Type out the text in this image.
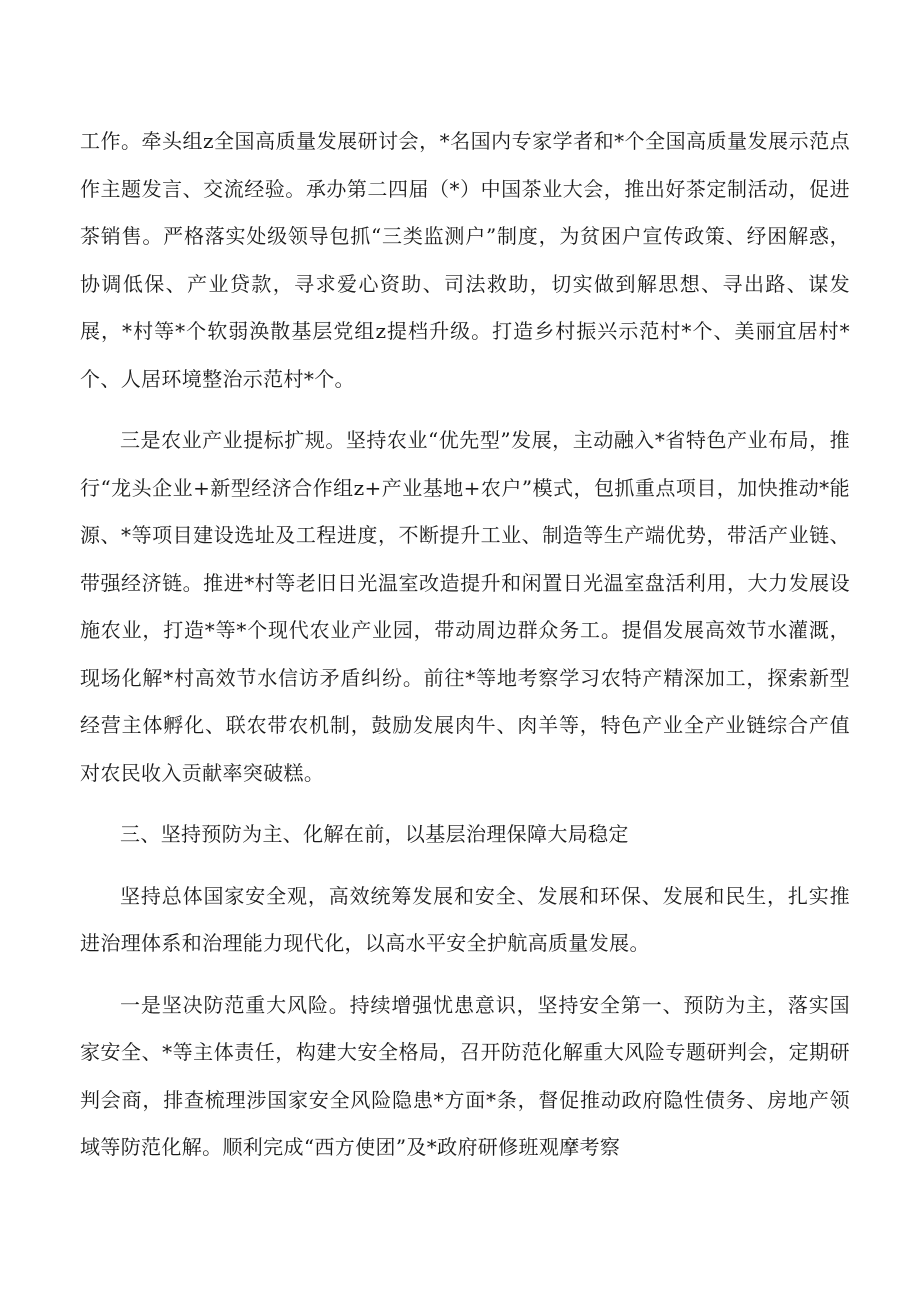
工作。牵头组z全国高质量发展研讨会，*名国内专家学者和*个全国高质量发展示范点作主题发言、交流经验。承办第二四届（*）中国茶业大会，推出好茶定制活动，促进茶销售。严格落实处级领导包抓“三类监测户”制度，为贫困户宣传政策、纾困解惑，协调低保、产业贷款，寻求爱心资助、司法救助，切实做到解思想、寻出路、谋发展，*村等*个软弱涣散基层党组z提档升级。打造乡村振兴示范村*个、美丽宜居村*个、人居环境整治示范村*个。

三是农业产业提标扩规。坚持农业“优先型”发展，主动融入*省特色产业布局，推行“龙头企业+新型经济合作组z+产业基地+农户”模式，包抓重点项目，加快推动*能源、*等项目建设选址及工程进度，不断提升工业、制造等生产端优势，带活产业链、带强经济链。推进*村等老旧日光温室改造提升和闲置日光温室盘活利用，大力发展设施农业，打造*等*个现代农业产业园，带动周边群众务工。提倡发展高效节水灌溉，现场化解*村高效节水信访矛盾纠纷。前往*等地考察学习农特产精深加工，探索新型经营主体孵化、联农带农机制，鼓励发展肉牛、肉羊等，特色产业全产业链综合产值对农民收入贡献率突破糕。

三、坚持预防为主、化解在前，以基层治理保障大局稳定

坚持总体国家安全观，高效统筹发展和安全、发展和环保、发展和民生，扎实推进治理体系和治理能力现代化，以高水平安全护航高质量发展。

一是坚决防范重大风险。持续增强忧患意识，坚持安全第一、预防为主，落实国家安全、*等主体责任，构建大安全格局，召开防范化解重大风险专题研判会，定期研判会商，排查梳理涉国家安全风险隐患*方面*条，督促推动政府隐性债务、房地产领域等防范化解。顺利完成“西方使团”及*政府研修班观摩考察
